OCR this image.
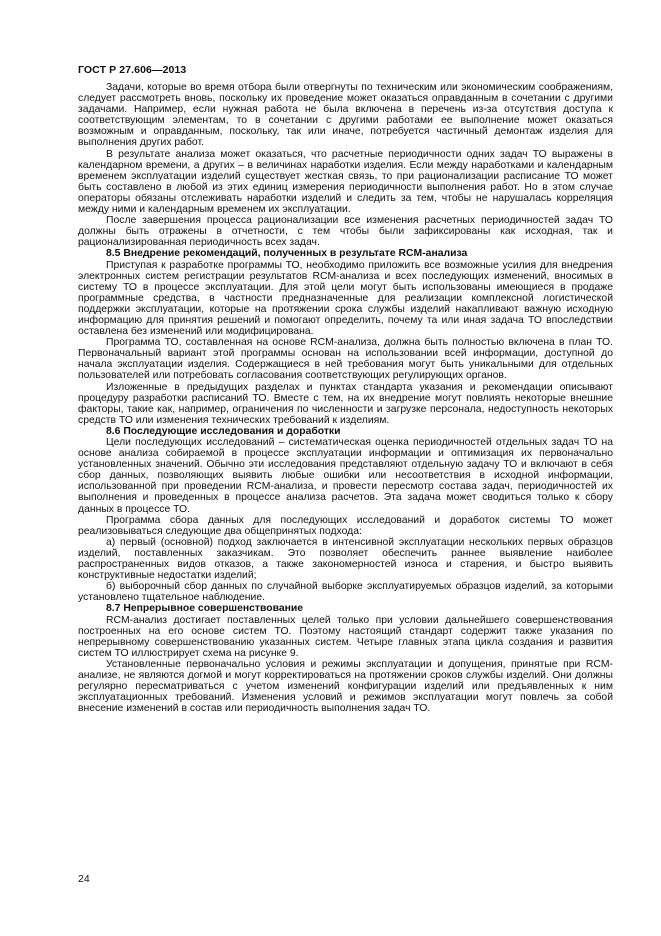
ГОСТ Р 27.606—2013

Задачи, которые во время отбора были отвергнуты по техническим или экономическим соображениям, следует рассмотреть вновь, поскольку их проведение может оказаться оправданным в сочетании с другими задачами. Например, если нужная работа не была включена в перечень из-за отсутствия доступа к соответствующим элементам, то в сочетании с другими работами ее выполнение может оказаться возможным и оправданным, поскольку, так или иначе, потребуется частичный демонтаж изделия для выполнения других работ.

В результате анализа может оказаться, что расчетные периодичности одних задач ТО выражены в календарном времени, а других – в величинах наработки изделия. Если между наработками и календарным временем эксплуатации изделий существует жесткая связь, то при рационализации расписание ТО может быть составлено в любой из этих единиц измерения периодичности выполнения работ. Но в этом случае операторы обязаны отслеживать наработки изделий и следить за тем, чтобы не нарушалась корреляция между ними и календарным временем их эксплуатации.

После завершения процесса рационализации все изменения расчетных периодичностей задач ТО должны быть отражены в отчетности, с тем чтобы были зафиксированы как исходная, так и рационализированная периодичность всех задач.

8.5 Внедрение рекомендаций, полученных в результате RCM-анализа

Приступая к разработке программы ТО, необходимо приложить все возможные усилия для внедрения электронных систем регистрации результатов RCM-анализа и всех последующих изменений, вносимых в систему ТО в процессе эксплуатации. Для этой цели могут быть использованы имеющиеся в продаже программные средства, в частности предназначенные для реализации комплексной логистической поддержки эксплуатации, которые на протяжении срока службы изделий накапливают важную исходную информацию для принятия решений и помогают определить, почему та или иная задача ТО впоследствии оставлена без изменений или модифицирована.

Программа ТО, составленная на основе RCM-анализа, должна быть полностью включена в план ТО. Первоначальный вариант этой программы основан на использовании всей информации, доступной до начала эксплуатации изделия. Содержащиеся в ней требования могут быть уникальными для отдельных пользователей или потребовать согласования соответствующих регулирующих органов.

Изложенные в предыдущих разделах и пунктах стандарта указания и рекомендации описывают процедуру разработки расписаний ТО. Вместе с тем, на их внедрение могут повлиять некоторые внешние факторы, такие как, например, ограничения по численности и загрузке персонала, недоступность некоторых средств ТО или изменения технических требований к изделиям.

8.6 Последующие исследования и доработки

Цели последующих исследований – систематическая оценка периодичностей отдельных задач ТО на основе анализа собираемой в процессе эксплуатации информации и оптимизация их первоначально установленных значений. Обычно эти исследования представляют отдельную задачу ТО и включают в себя сбор данных, позволяющих выявить любые ошибки или несоответствия в исходной информации, использованной при проведении RCM-анализа, и провести пересмотр состава задач, периодичностей их выполнения и проведенных в процессе анализа расчетов. Эта задача может сводиться только к сбору данных в процессе ТО.

Программа сбора данных для последующих исследований и доработок системы ТО может реализовываться следующие два общепринятых подхода:

а) первый (основной) подход заключается в интенсивной эксплуатации нескольких первых образцов изделий, поставленных заказчикам. Это позволяет обеспечить раннее выявление наиболее распространенных видов отказов, а также закономерностей износа и старения, и быстро выявить конструктивные недостатки изделий;

б) выборочный сбор данных по случайной выборке эксплуатируемых образцов изделий, за которыми установлено тщательное наблюдение.

8.7 Непрерывное совершенствование

RCM-анализ достигает поставленных целей только при условии дальнейшего совершенствования построенных на его основе систем ТО. Поэтому настоящий стандарт содержит также указания по непрерывному совершенствованию указанных систем. Четыре главных этапа цикла создания и развития систем ТО иллюстрирует схема на рисунке 9.

Установленные первоначально условия и режимы эксплуатации и допущения, принятые при RCM-анализе, не являются догмой и могут корректироваться на протяжении сроков службы изделий. Они должны регулярно пересматриваться с учетом изменений конфигурации изделий или предъявленных к ним эксплуатационных требований. Изменения условий и режимов эксплуатации могут повлечь за собой внесение изменений в состав или периодичность выполнения задач ТО.

24
